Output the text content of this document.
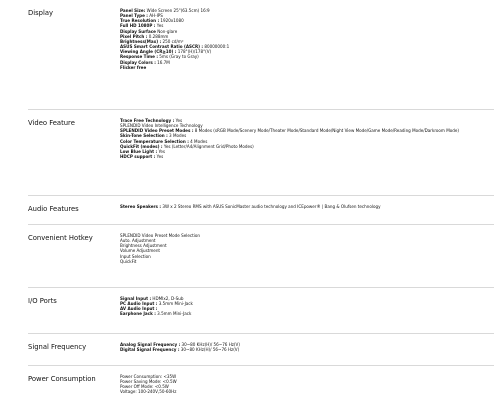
Display	Panel Size: Wide Screen 25"(63.5cm) 16:9
Panel Type : AH-IPS
True Resolution : 1920x1080
Full HD 1080P : Yes
Display Surface Non-glare
Pixel Pitch : 0.288mm
Brightness(Max) : 250 cd/m²
ASUS Smart Contrast Ratio (ASCR) : 80000000:1
Viewing Angle (CR≧10) : 178°(H)/178°(V)
Response Time : 5ms (Gray to Gray)
Display Colors : 16.7M
Flicker free
Video Feature	Trace Free Technology : Yes
SPLENDID Video Intelligence Technology
SPLENDID Video Preset Modes : 8 Modes (sRGB Mode/Scenery Mode/Theater Mode/Standard Mode/Night View Mode/Game Mode/Reading Mode/Darkroom Mode)
Skin-Tone Selection : 3 Modes
Color Temperature Selection : 4 Modes
QuickFit (modes) : Yes (Letter/A4/Alignment Grid/Photo Modes)
Low Blue Light : Yes
HDCP support : Yes
Audio Features	Stereo Speakers : 3W x 2 Stereo RMS with ASUS SonicMaster audio technology and ICEpower® | Bang & Olufsen technology
Convenient Hotkey	SPLENDID Video Preset Mode Selection
Auto. Adjustment
Brightness Adjustment
Volume Adjustment
Input Selection
QuickFit
I/O Ports	Signal Input : HDMIx2, D-Sub
PC Audio Input : 3.5mm Mini-Jack
AV Audio Input :
Earphone Jack : 3.5mm Mini-Jack
Signal Frequency	Analog Signal Frequency : 30~80 KHz(H)/ 56~76 Hz(V)
Digital Signal Frequency : 30~80 KHz(H)/ 56~76 Hz(V)
Power Consumption	Power Consumption: <35W
Power Saving Mode: <0.5W
Power Off Mode: <0.5W
Voltage: 100-240V,50-60Hz
